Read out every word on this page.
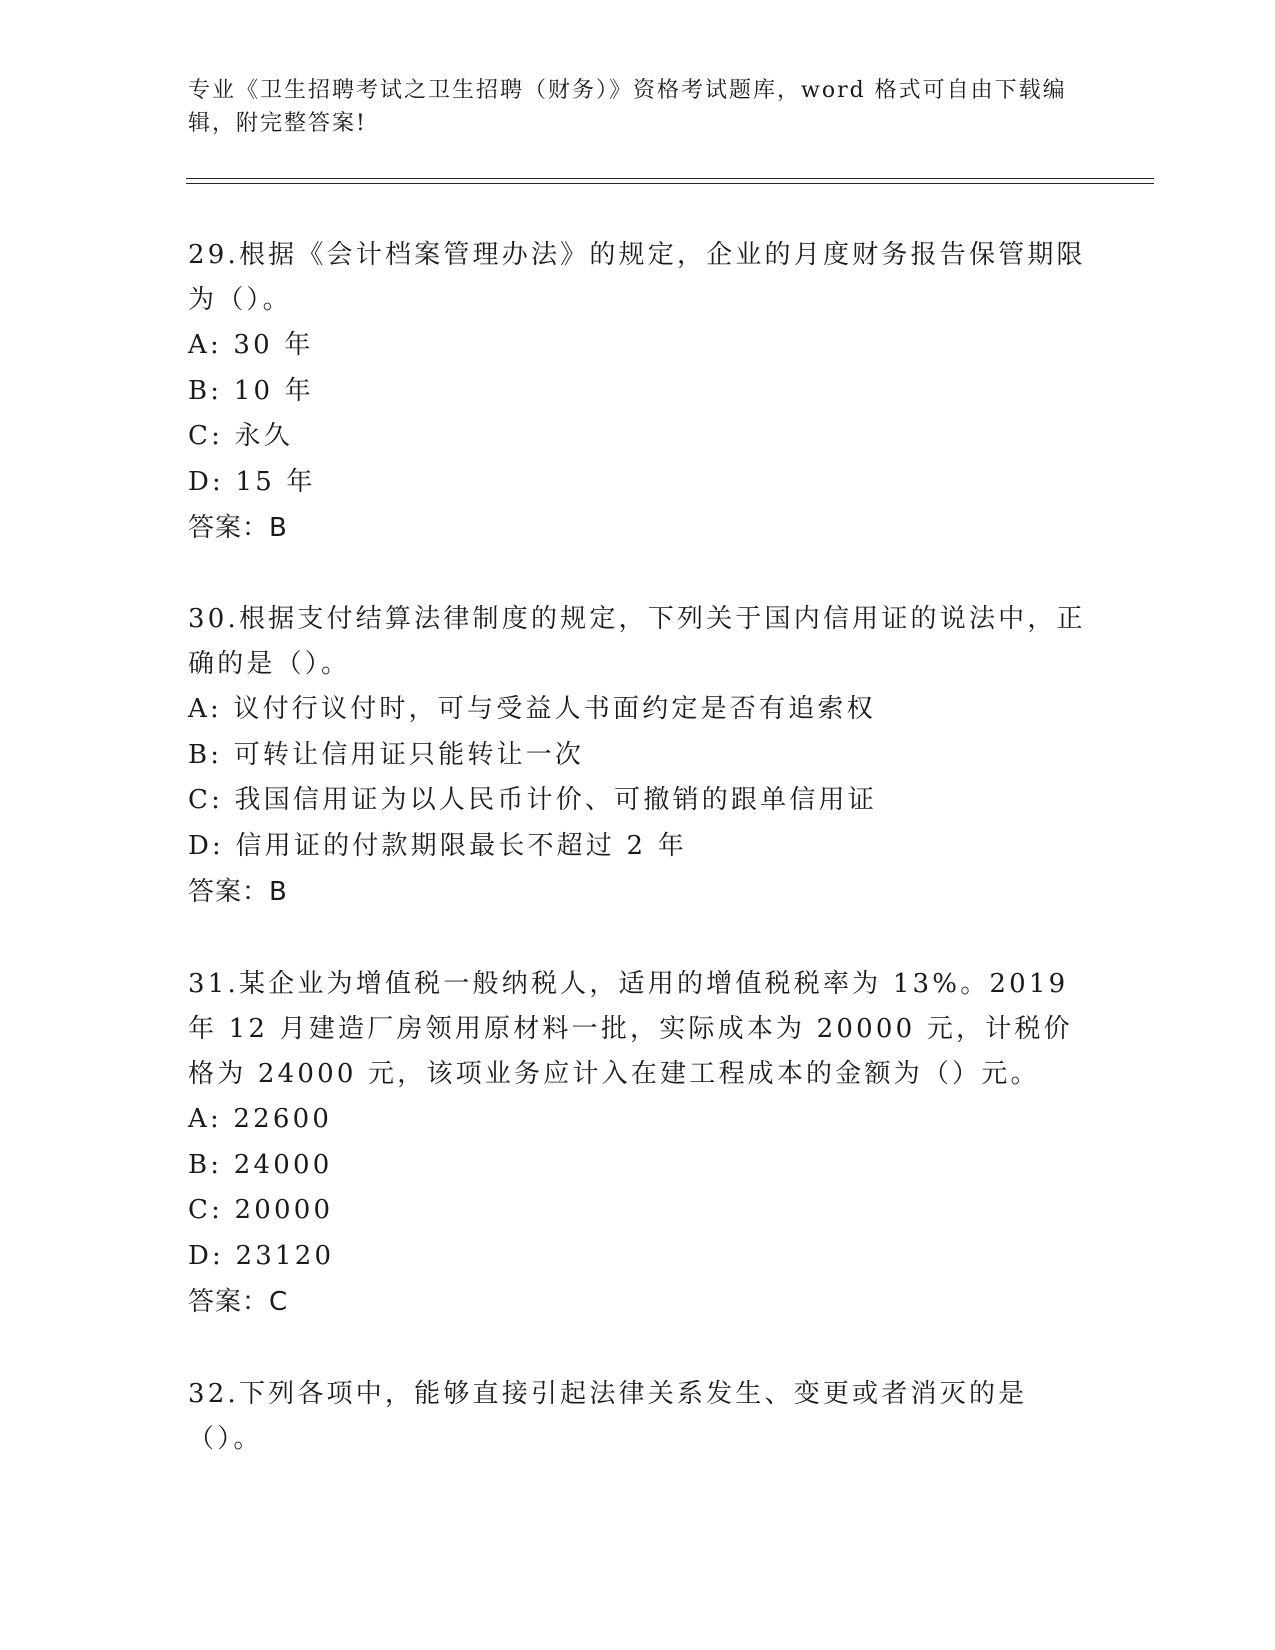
专业《卫生招聘考试之卫生招聘（财务）》资格考试题库，word 格式可自由下载编辑，附完整答案!

29.根据《会计档案管理办法》的规定，企业的月度财务报告保管期限为（）。

A: 30 年

B: 10 年

C: 永久

D: 15 年

答案：B

30.根据支付结算法律制度的规定，下列关于国内信用证的说法中，正确的是（）。

A: 议付行议付时，可与受益人书面约定是否有追索权

B: 可转让信用证只能转让一次

C: 我国信用证为以人民币计价、可撤销的跟单信用证

D: 信用证的付款期限最长不超过 2 年

答案：B

31.某企业为增值税一般纳税人，适用的增值税税率为 13%。2019 年 12 月建造厂房领用原材料一批，实际成本为 20000 元，计税价格为 24000 元，该项业务应计入在建工程成本的金额为（）元。

A: 22600

B: 24000

C: 20000

D: 23120

答案：C

32.下列各项中，能够直接引起法律关系发生、变更或者消灭的是（）。
